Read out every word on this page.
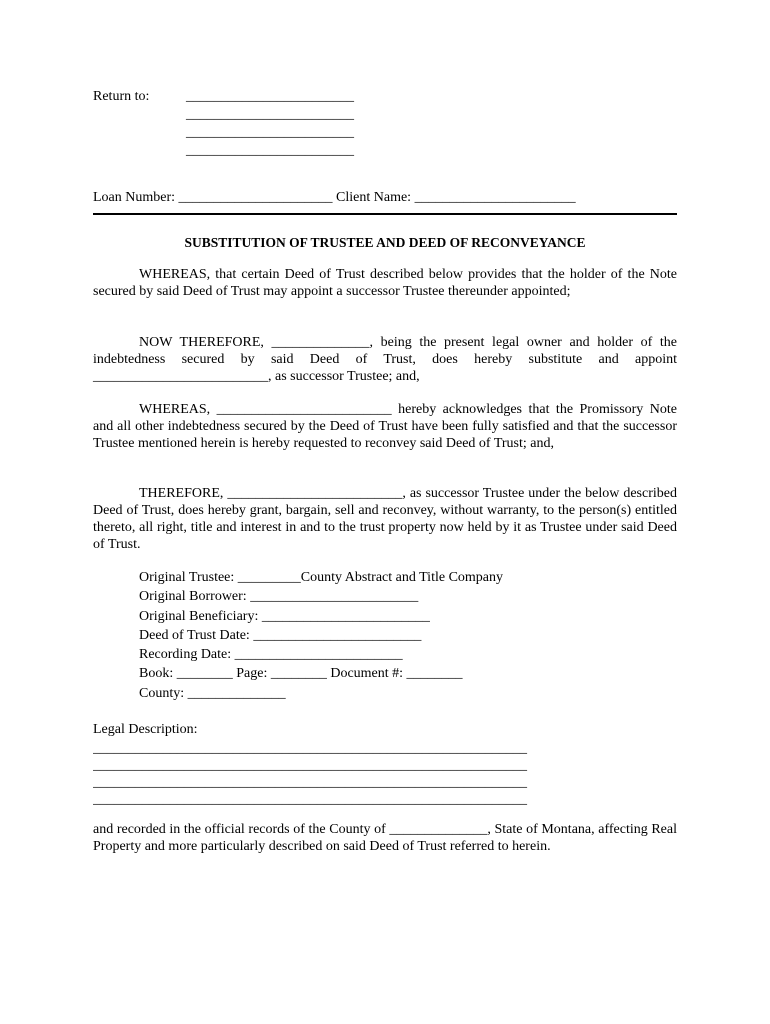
Return to:	________________________
________________________
________________________
________________________
Loan Number: ______________________ Client Name: _______________________
SUBSTITUTION OF TRUSTEE AND DEED OF RECONVEYANCE

WHEREAS, that certain Deed of Trust described below provides that the holder of the Note secured by said Deed of Trust may appoint a successor Trustee thereunder appointed;

NOW THEREFORE, ______________, being the present legal owner and holder of the indebtedness secured by said Deed of Trust, does hereby substitute and appoint _________________________, as successor Trustee; and,

WHEREAS, _________________________ hereby acknowledges that the Promissory Note and all other indebtedness secured by the Deed of Trust have been fully satisfied and that the successor Trustee mentioned herein is hereby requested to reconvey said Deed of Trust; and,

THEREFORE, _________________________, as successor Trustee under the below described Deed of Trust, does hereby grant, bargain, sell and reconvey, without warranty, to the person(s) entitled thereto, all right, title and interest in and to the trust property now held by it as Trustee under said Deed of Trust.

Original Trustee: _________County Abstract and Title Company
Original Borrower: ________________________
Original Beneficiary: ________________________
Deed of Trust Date: ________________________
Recording Date: ________________________
Book: ________ Page: ________ Document #: ________
County: ______________
Legal Description:
______________________________________________________________
______________________________________________________________
______________________________________________________________
______________________________________________________________

and recorded in the official records of the County of ______________, State of Montana, affecting Real Property and more particularly described on said Deed of Trust referred to herein.
